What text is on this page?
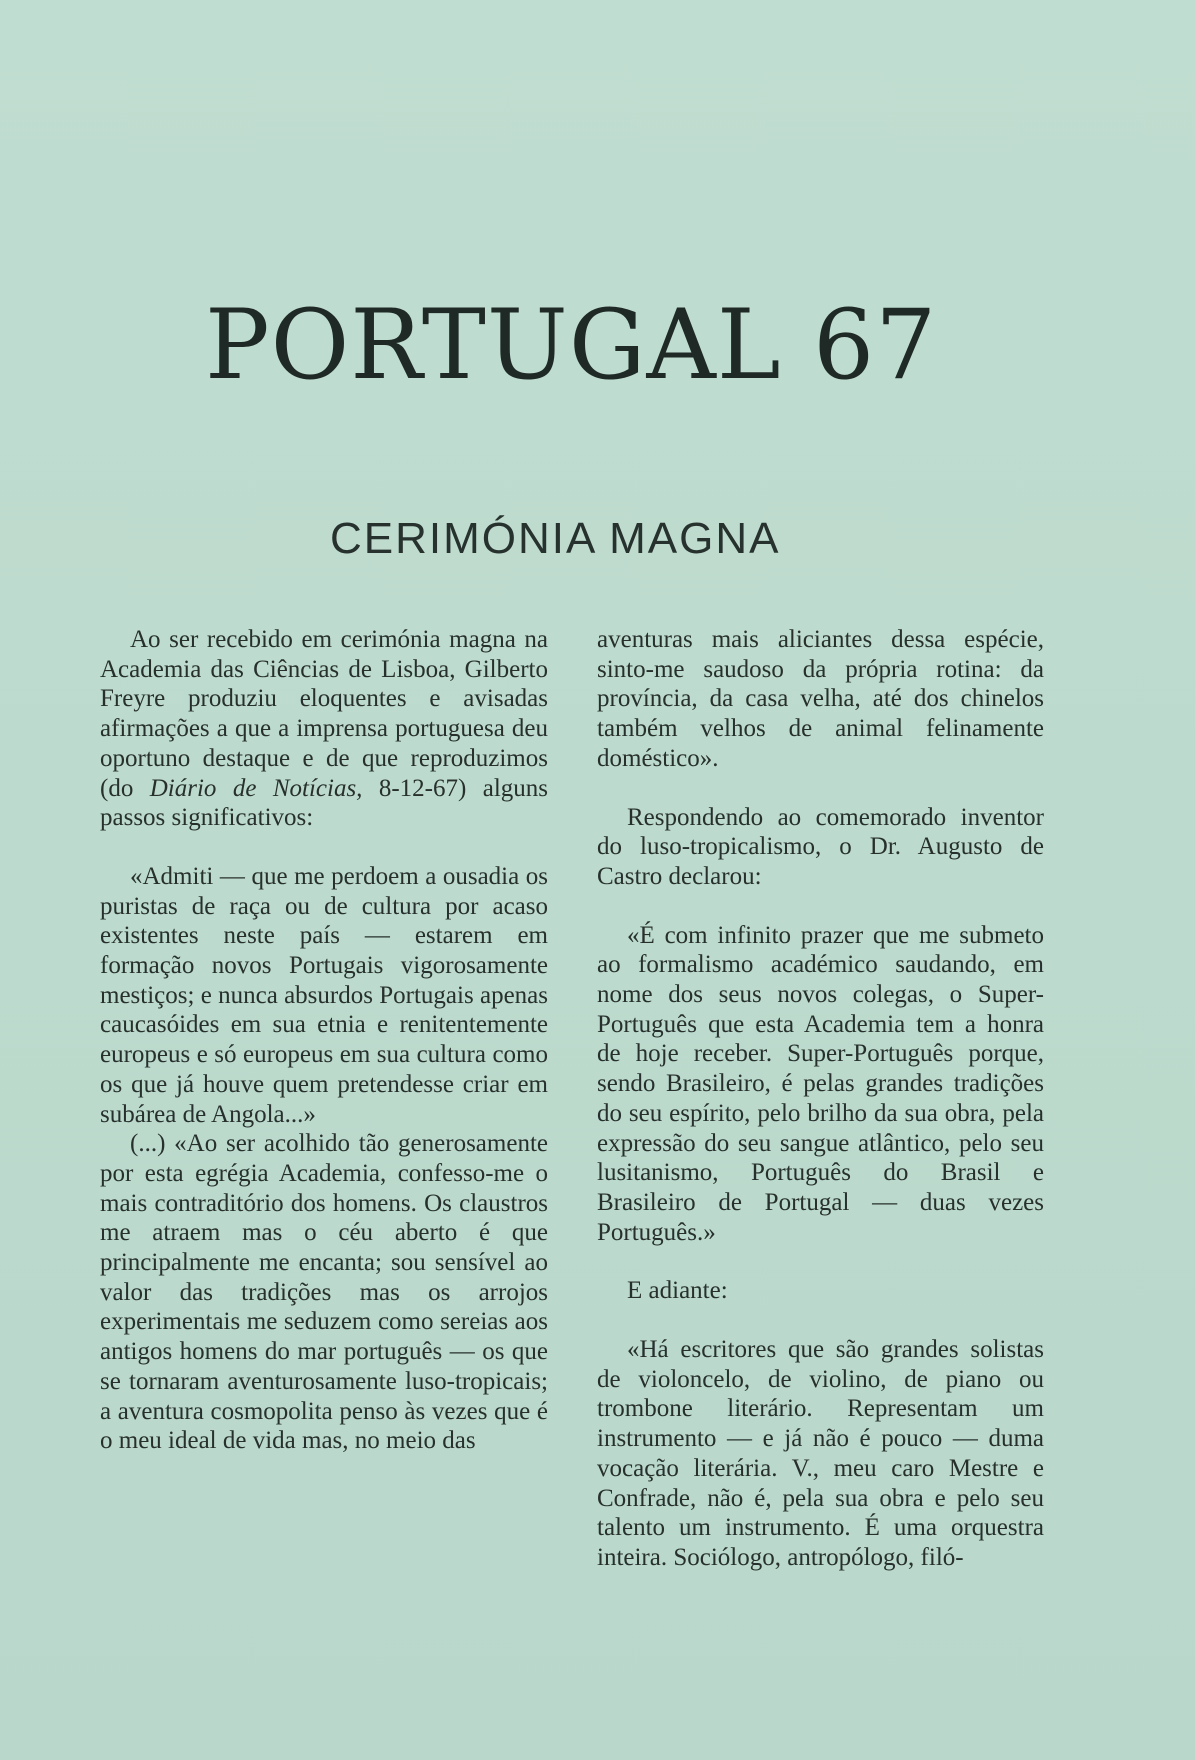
PORTUGAL 67
CERIMÓNIA MAGNA

Ao ser recebido em cerimónia magna na Academia das Ciências de Lisboa, Gilberto Freyre produziu eloquentes e avisadas afirmações a que a imprensa portuguesa deu oportuno destaque e de que reproduzimos (do Diário de Notícias, 8-12-67) alguns passos significativos:

«Admiti — que me perdoem a ousadia os puristas de raça ou de cultura por acaso existentes neste país — estarem em formação novos Portugais vigorosamente mestiços; e nunca absurdos Portugais apenas caucasóides em sua etnia e renitentemente europeus e só europeus em sua cultura como os que já houve quem pretendesse criar em subárea de Angola...»

(...) «Ao ser acolhido tão generosamente por esta egrégia Academia, confesso-me o mais contraditório dos homens. Os claustros me atraem mas o céu aberto é que principalmente me encanta; sou sensível ao valor das tradições mas os arrojos experimentais me seduzem como sereias aos antigos homens do mar português — os que se tornaram aventurosamente luso-tropicais; a aventura cosmopolita penso às vezes que é o meu ideal de vida mas, no meio das

aventuras mais aliciantes dessa espécie, sinto-me saudoso da própria rotina: da província, da casa velha, até dos chinelos também velhos de animal felinamente doméstico».

Respondendo ao comemorado inventor do luso-tropicalismo, o Dr. Augusto de Castro declarou:

«É com infinito prazer que me submeto ao formalismo académico saudando, em nome dos seus novos colegas, o Super-Português que esta Academia tem a honra de hoje receber. Super-Português porque, sendo Brasileiro, é pelas grandes tradições do seu espírito, pelo brilho da sua obra, pela expressão do seu sangue atlântico, pelo seu lusitanismo, Português do Brasil e Brasileiro de Portugal — duas vezes Português.»

E adiante:

«Há escritores que são grandes solistas de violoncelo, de violino, de piano ou trombone literário. Representam um instrumento — e já não é pouco — duma vocação literária. V., meu caro Mestre e Confrade, não é, pela sua obra e pelo seu talento um instrumento. É uma orquestra inteira. Sociólogo, antropólogo, filó-
